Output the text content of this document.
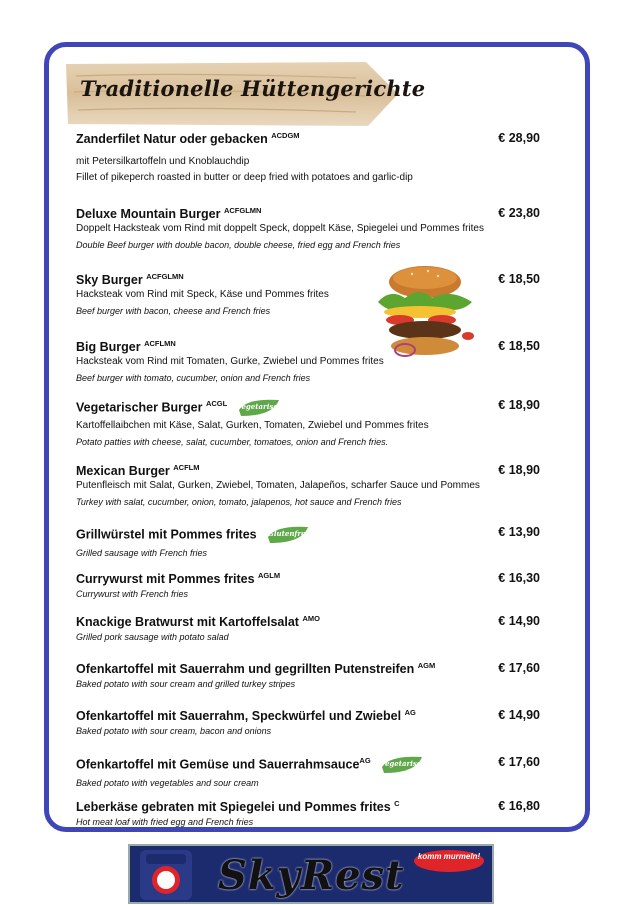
Traditionelle Hüttengerichte
Zanderfilet Natur oder gebacken $^{ACDGM}$	€ 28,90
mit Petersilkartoffeln und Knoblauchdip
Fillet of pikeperch roasted in butter or deep fried with potatoes and garlic-dip
Deluxe Mountain Burger $^{ACFGLMN}$	€ 23,80
Doppelt Hacksteak vom Rind mit doppelt Speck, doppelt Käse, Spiegelei und Pommes frites
Double Beef burger with double bacon, double cheese, fried egg and French fries
Sky Burger $^{ACFGLMN}$	€ 18,50
Hacksteak vom Rind mit Speck, Käse und Pommes frites
Beef burger with bacon, cheese and French fries
Big Burger $^{ACFLMN}$	€ 18,50
Hacksteak vom Rind mit Tomaten, Gurke, Zwiebel und Pommes frites
Beef burger with tomato, cucumber, onion and French fries
Vegetarischer Burger $^{ACGL}$ Vegetarisch	€ 18,90
Kartoffellaibchen mit Käse, Salat, Gurken, Tomaten, Zwiebel und Pommes frites
Potato patties with cheese, salat, cucumber, tomatoes, onion and French fries.
Mexican Burger $^{ACFLM}$	€ 18,90
Putenfleisch mit Salat, Gurken, Zwiebel, Tomaten, Jalapeños, scharfer Sauce und Pommes
Turkey with salat, cucumber, onion, tomato, jalapenos, hot sauce and French fries
Grillwürstel mit Pommes frites Glutenfrei	€ 13,90
Grilled sausage with French fries
Currywurst mit Pommes frites $^{AGLM}$	€ 16,30
Currywurst with French fries
Knackige Bratwurst mit Kartoffelsalat $^{AMO}$	€ 14,90
Grilled pork sausage with potato salad
Ofenkartoffel mit Sauerrahm und gegrillten Putenstreifen $^{AGM}$	€ 17,60
Baked potato with sour cream and grilled turkey stripes
Ofenkartoffel mit Sauerrahm, Speckwürfel und Zwiebel $^{AG}$	€ 14,90
Baked potato with sour cream, bacon and onions
Ofenkartoffel mit Gemüse und Sauerrahmsauce$^{AG}$ Vegetarisch	€ 17,60
Baked potato with vegetables and sour cream
Leberkäse gebraten mit Spiegelei und Pommes frites $^C$	€ 16,80
Hot meat loaf with fried egg and French fries
SkyRest	komm murmeln!
